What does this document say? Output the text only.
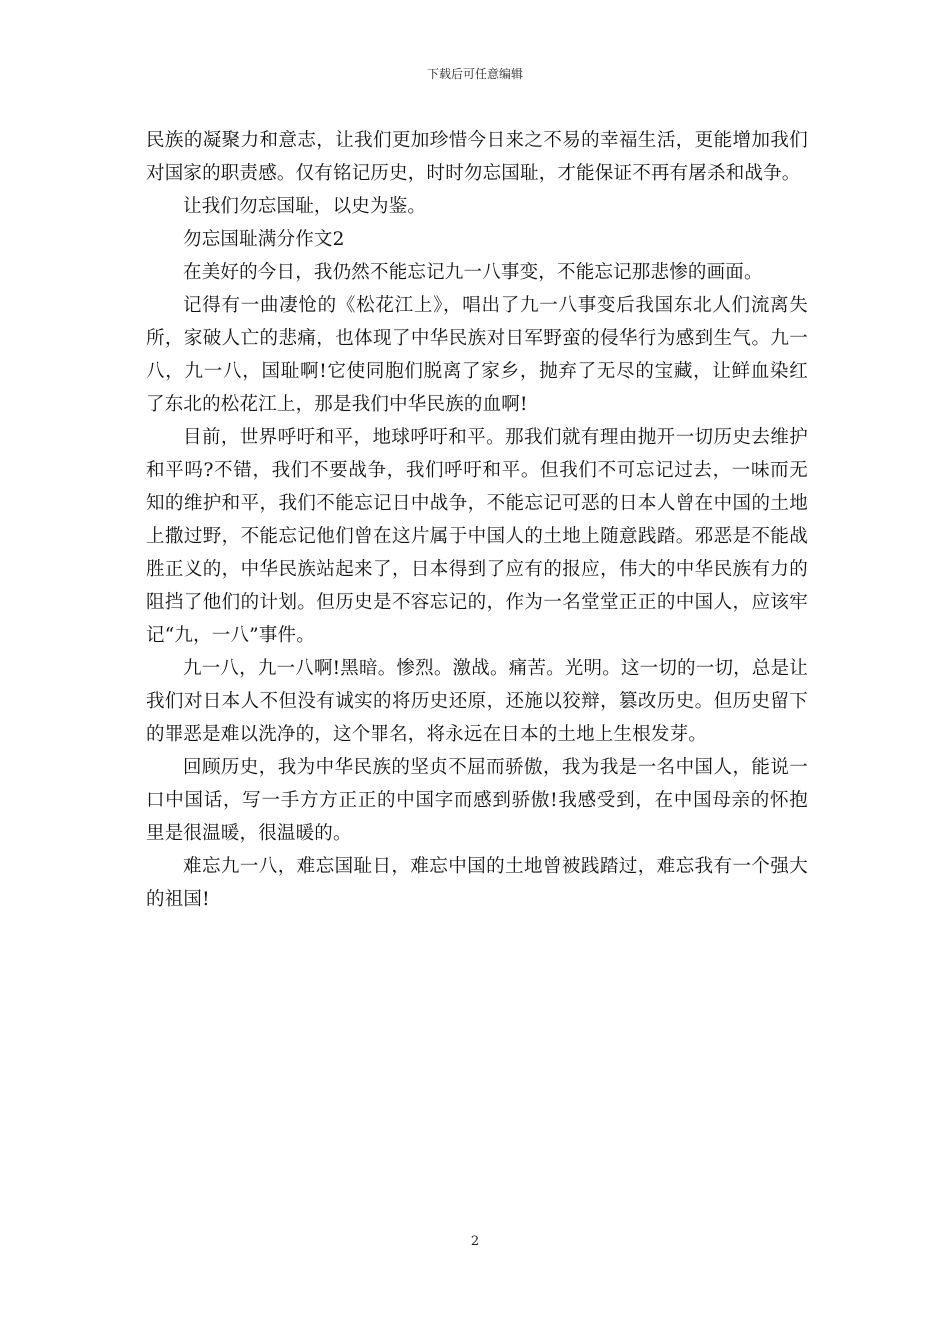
下载后可任意编辑

民族的凝聚力和意志，让我们更加珍惜今日来之不易的幸福生活，更能增加我们对国家的职责感。仅有铭记历史，时时勿忘国耻，才能保证不再有屠杀和战争。

让我们勿忘国耻，以史为鉴。

勿忘国耻满分作文2

在美好的今日，我仍然不能忘记九一八事变，不能忘记那悲惨的画面。

记得有一曲凄怆的《松花江上》，唱出了九一八事变后我国东北人们流离失所，家破人亡的悲痛，也体现了中华民族对日军野蛮的侵华行为感到生气。九一八，九一八，国耻啊!它使同胞们脱离了家乡，抛弃了无尽的宝藏，让鲜血染红了东北的松花江上，那是我们中华民族的血啊!

目前，世界呼吁和平，地球呼吁和平。那我们就有理由抛开一切历史去维护和平吗?不错，我们不要战争，我们呼吁和平。但我们不可忘记过去，一味而无知的维护和平，我们不能忘记日中战争，不能忘记可恶的日本人曾在中国的土地上撒过野，不能忘记他们曾在这片属于中国人的土地上随意践踏。邪恶是不能战胜正义的，中华民族站起来了，日本得到了应有的报应，伟大的中华民族有力的阻挡了他们的计划。但历史是不容忘记的，作为一名堂堂正正的中国人，应该牢记“九，一八”事件。

九一八，九一八啊!黑暗。惨烈。激战。痛苦。光明。这一切的一切，总是让我们对日本人不但没有诚实的将历史还原，还施以狡辩，篡改历史。但历史留下的罪恶是难以洗净的，这个罪名，将永远在日本的土地上生根发芽。

回顾历史，我为中华民族的坚贞不屈而骄傲，我为我是一名中国人，能说一口中国话，写一手方方正正的中国字而感到骄傲!我感受到，在中国母亲的怀抱里是很温暖，很温暖的。

难忘九一八，难忘国耻日，难忘中国的土地曾被践踏过，难忘我有一个强大的祖国!

2
